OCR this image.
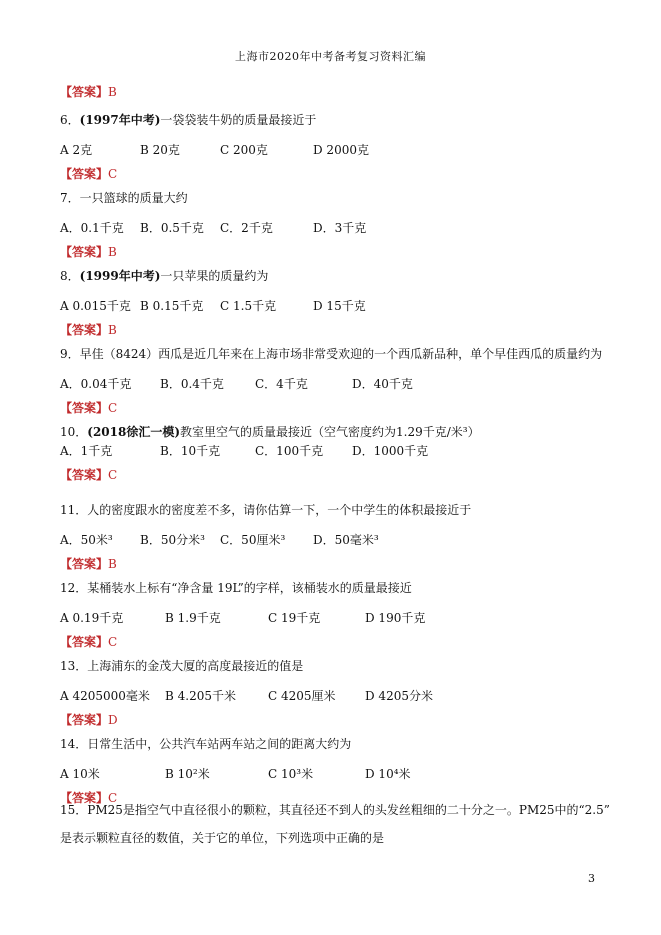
上海市2020年中考备考复习资料汇编
【答案】B
6．(1997年中考)一袋袋装牛奶的质量最接近于
A 2克	B 20克	C 200克	D 2000克
【答案】C
7．一只篮球的质量大约
A．0.1千克 B．0.5千克 C．2千克	D．3千克
【答案】B
8．(1999年中考)一只苹果的质量约为
A 0.015千克 B 0.15千克 C 1.5千克	D 15千克
【答案】B
9．早佳（8424）西瓜是近几年来在上海市场非常受欢迎的一个西瓜新品种，单个早佳西瓜的质量约为
A．0.04千克 B．0.4千克	C．4千克	D．40千克
【答案】C
10．(2018徐汇一模)教室里空气的质量最接近（空气密度约为1.29千克/米³）
A．1千克	B．10千克	C．100千克 D．1000千克
【答案】C
11．人的密度跟水的密度差不多，请你估算一下，一个中学生的体积最接近于
A．50米³ B．50分米³ C．50厘米³ D．50毫米³
【答案】B
12．某桶装水上标有“净含量 19L”的字样，该桶装水的质量最接近
A 0.19千克	B 1.9千克	C 19千克	D 190千克
【答案】C
13．上海浦东的金茂大厦的高度最接近的值是
A 4205000毫米 B 4.205千米	C 4205厘米 D 4205分米
【答案】D
14．日常生活中，公共汽车站两车站之间的距离大约为
A 10米	B 10²米	C 10³米	D 10⁴米
【答案】C
15．PM25是指空气中直径很小的颗粒，其直径还不到人的头发丝粗细的二十分之一。PM25中的“2.5”
是表示颗粒直径的数值，关于它的单位，下列选项中正确的是
3
